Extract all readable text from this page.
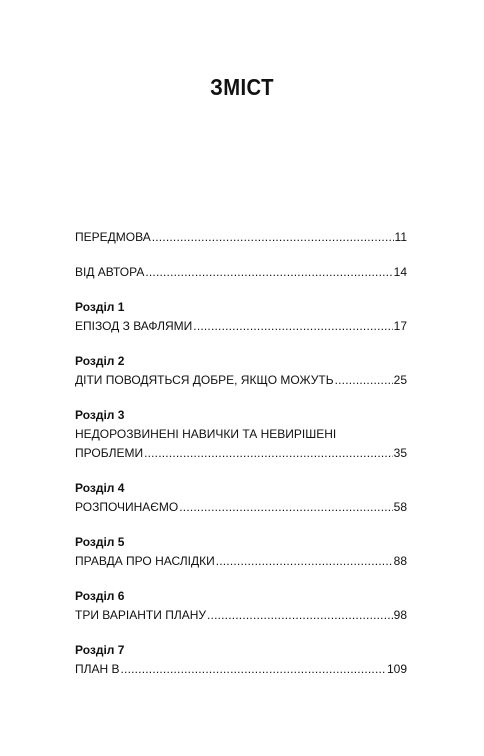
ЗМІСТ
ПЕРЕДМОВА .....	11
ВІД АВТОРА .....	14
Розділ 1
ЕПІЗОД З ВАФЛЯМИ .....	17
Розділ 2
ДІТИ ПОВОДЯТЬСЯ ДОБРЕ, ЯКЩО МОЖУТЬ .....	25
Розділ 3
НЕДОРОЗВИНЕНІ НАВИЧКИ ТА НЕВИРІШЕНІ
ПРОБЛЕМИ .....	35
Розділ 4
РОЗПОЧИНАЄМО .....	58
Розділ 5
ПРАВДА ПРО НАСЛІДКИ .....	88
Розділ 6
ТРИ ВАРІАНТИ ПЛАНУ .....	98
Розділ 7
ПЛАН В .....	109
